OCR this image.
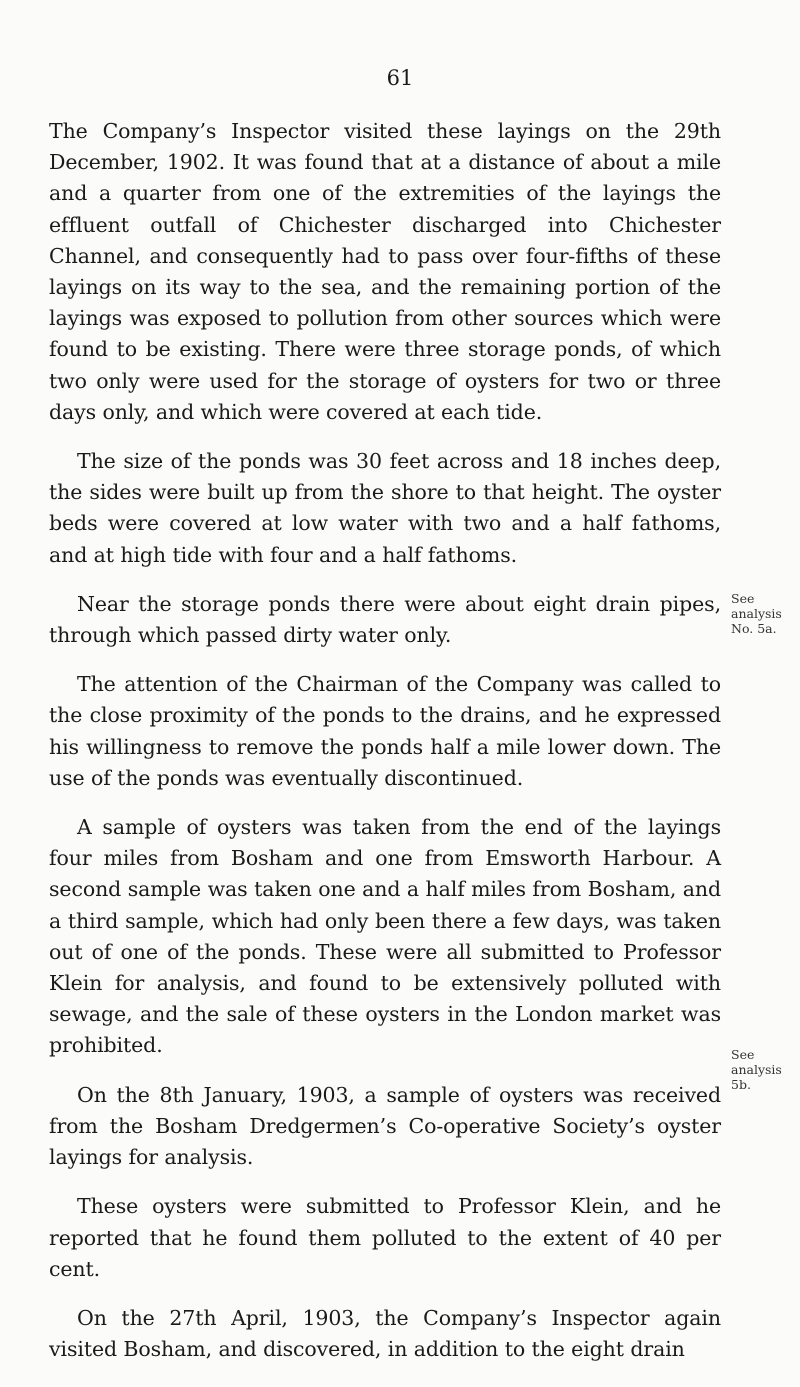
61

The Company’s Inspector visited these layings on the 29th December, 1902. It was found that at a distance of about a mile and a quarter from one of the extremities of the layings the effluent outfall of Chichester discharged into Chichester Channel, and consequently had to pass over four-fifths of these layings on its way to the sea, and the remaining portion of the layings was exposed to pollution from other sources which were found to be existing. There were three storage ponds, of which two only were used for the storage of oysters for two or three days only, and which were covered at each tide.

The size of the ponds was 30 feet across and 18 inches deep, the sides were built up from the shore to that height. The oyster beds were covered at low water with two and a half fathoms, and at high tide with four and a half fathoms.

Near the storage ponds there were about eight drain pipes, through which passed dirty water only.

The attention of the Chairman of the Company was called to the close proximity of the ponds to the drains, and he expressed his willingness to remove the ponds half a mile lower down. The use of the ponds was eventually discontinued.

A sample of oysters was taken from the end of the layings four miles from Bosham and one from Emsworth Harbour. A second sample was taken one and a half miles from Bosham, and a third sample, which had only been there a few days, was taken out of one of the ponds. These were all submitted to Professor Klein for analysis, and found to be extensively polluted with sewage, and the sale of these oysters in the London market was prohibited.

On the 8th January, 1903, a sample of oysters was received from the Bosham Dredgermen’s Co-operative Society’s oyster layings for analysis.

These oysters were submitted to Professor Klein, and he reported that he found them polluted to the extent of 40 per cent.

On the 27th April, 1903, the Company’s Inspector again visited Bosham, and discovered, in addition to the eight drain

See analysis No. 5a.
See analysis 5b.
